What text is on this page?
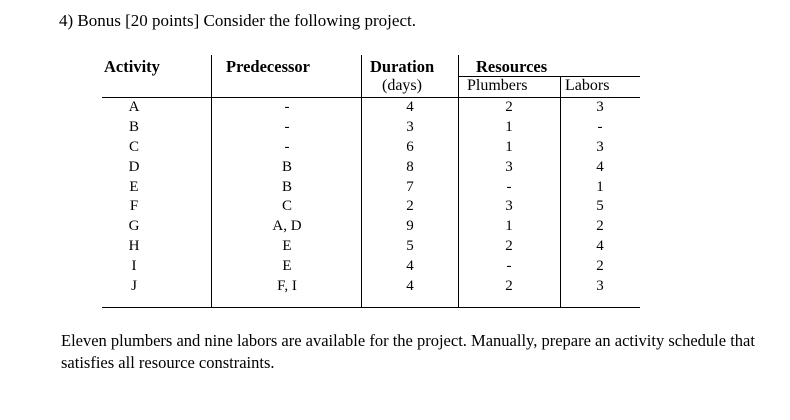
4) Bonus [20 points] Consider the following project.
Activity	Predecessor	Duration
(days)
Resources
Plumbers Labors
A	-	4	2	3
B	-	3	1	-
C	-	6	1	3
D	B	8	3	4
E	B	7	-	1
F	C	2	3	5
G	A, D	9	1	2
H	E	5	2	4
I	E	4	-	2
J	F, I	4	2	3
Eleven plumbers and nine labors are available for the project. Manually, prepare an activity schedule that satisfies all resource constraints.
